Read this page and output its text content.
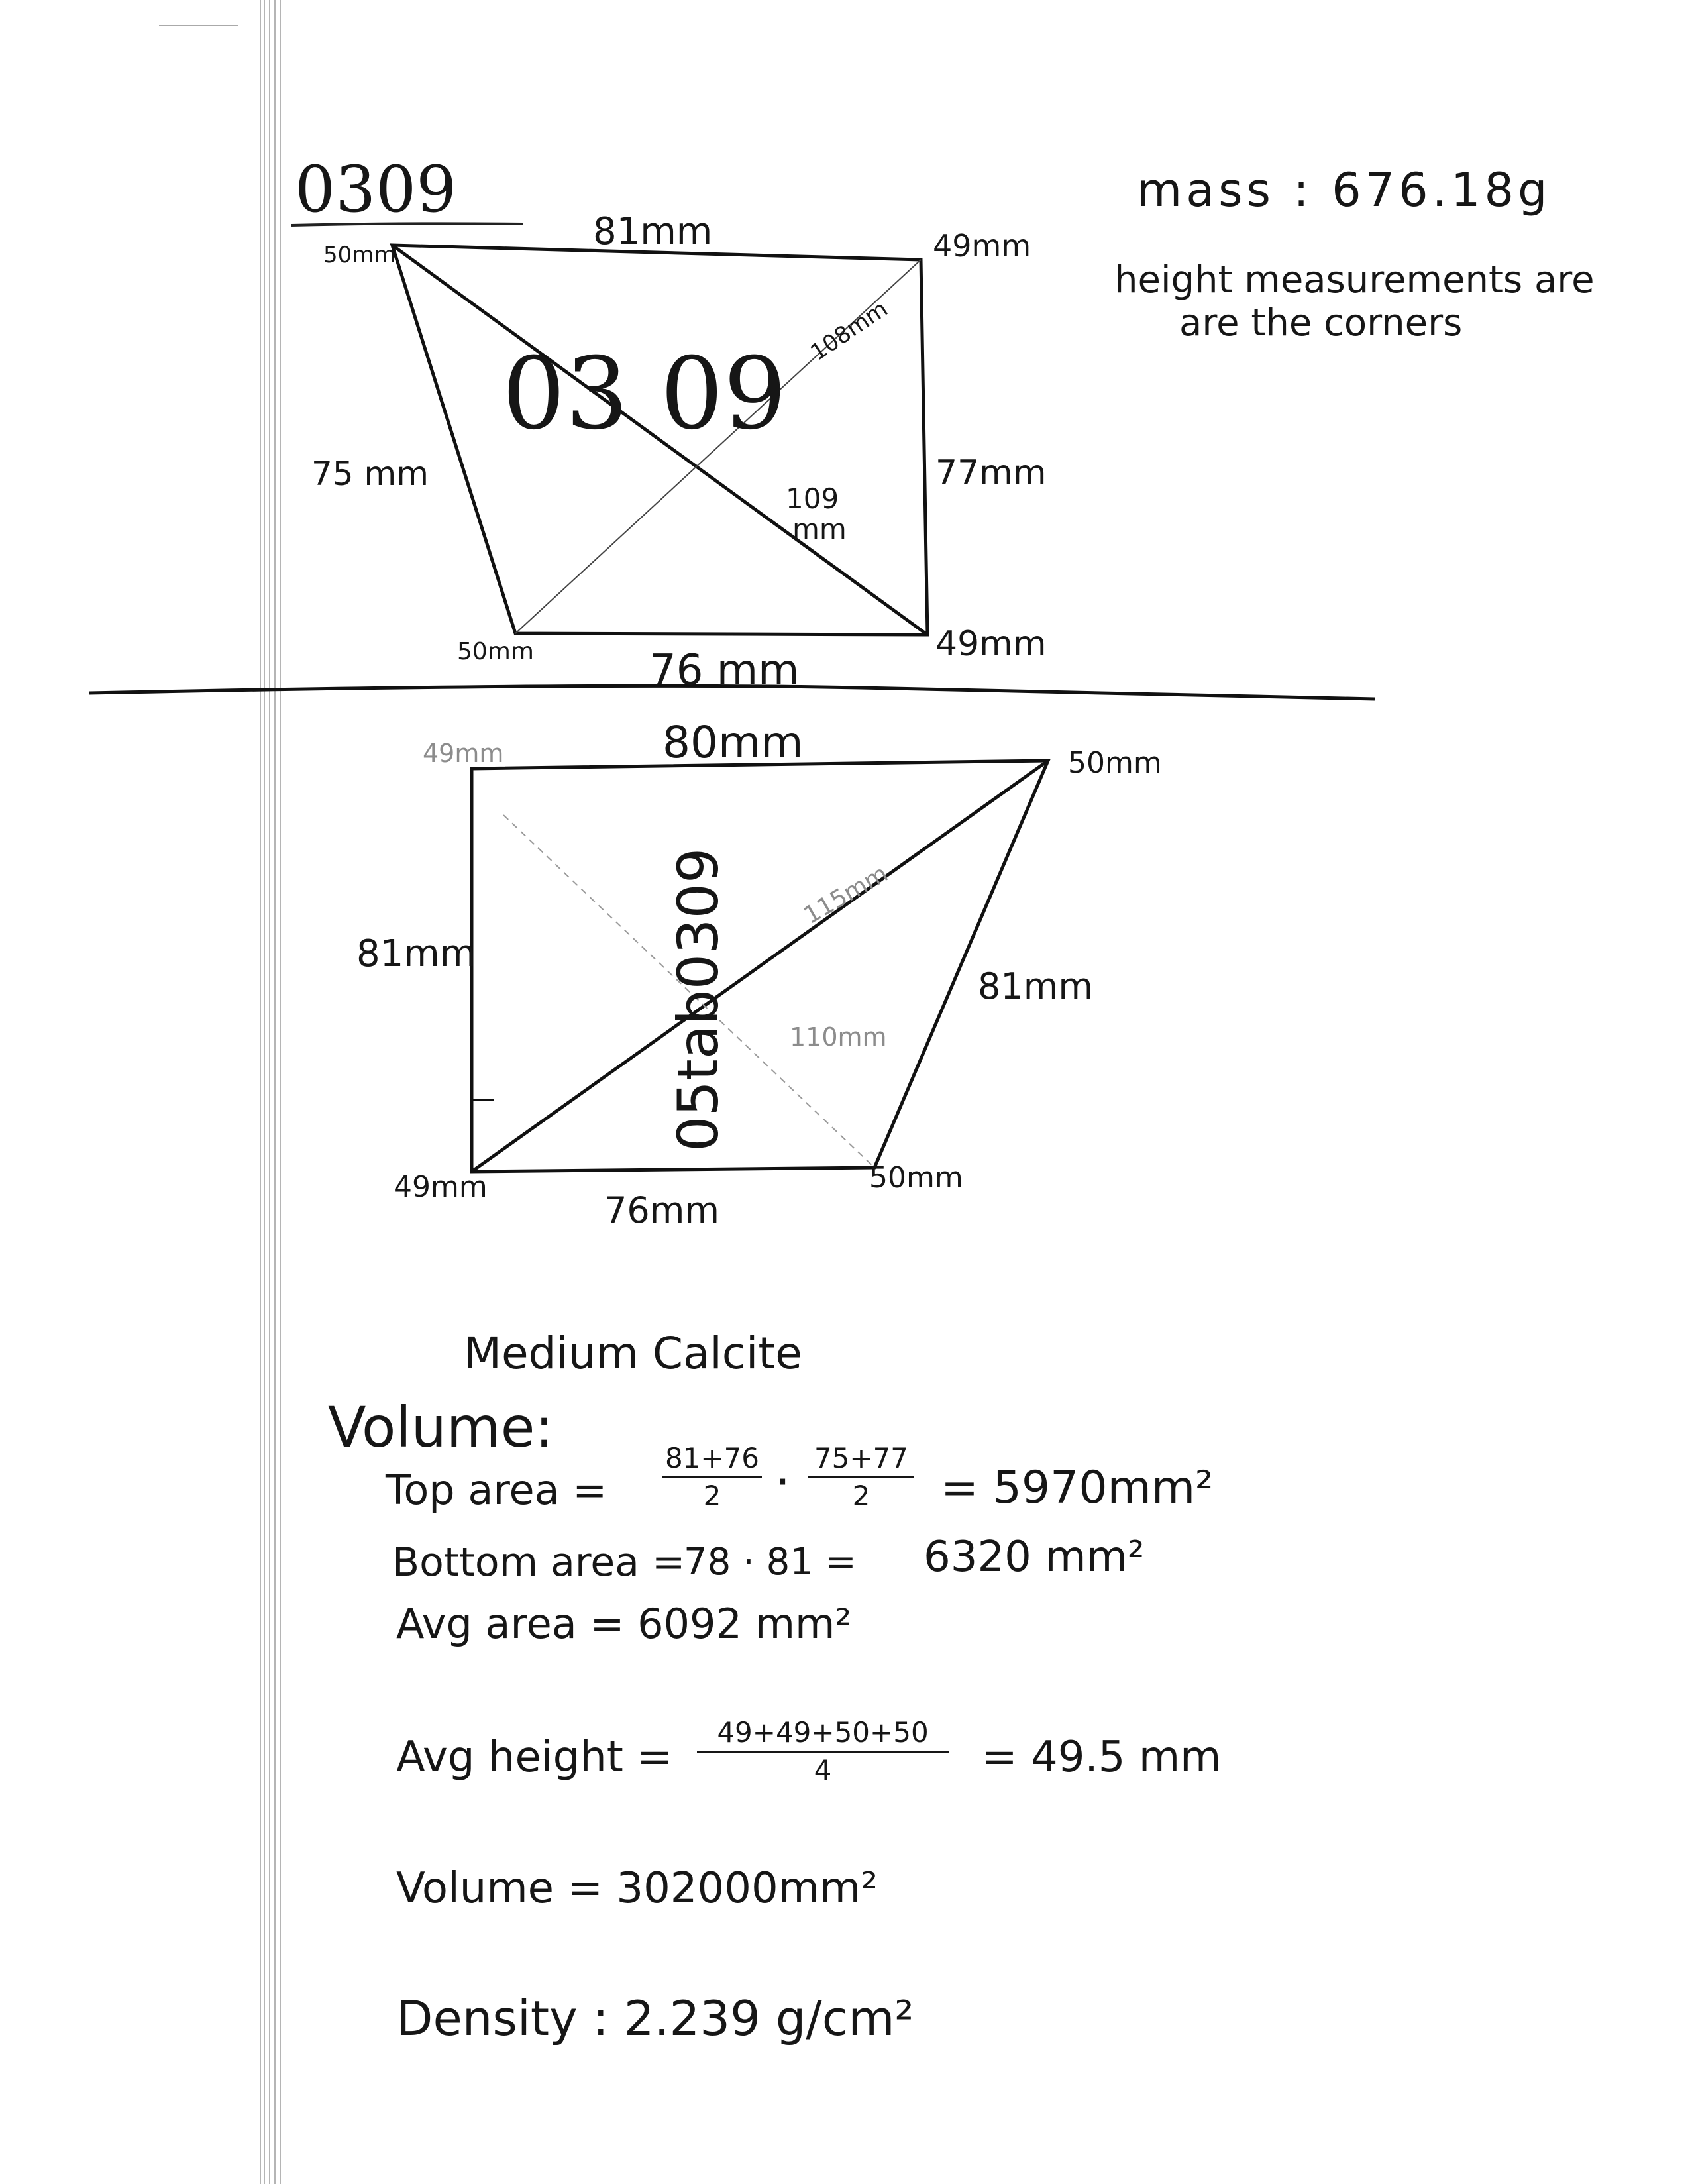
0309	mass : 676.18g
height measurements are
are the corners
03 09
81mm
76 mm
75 mm	77mm
108mm
109
mm
50mm	49mm
50mm	49mm
05tab0309
80mm
76mm
81mm
81mm
115mm
110mm
49mm	50mm
49mm	50mm
Medium Calcite
Volume:
Top area =
81+76
2	· 75+77
2	= 5970mm²
Bottom area =
78 · 81 = 6320 mm²
Avg area = 6092 mm²
Avg height =
49+49+50+50
4	= 49.5 mm
Volume = 302000mm²
Density : 2.239 g/cm²
